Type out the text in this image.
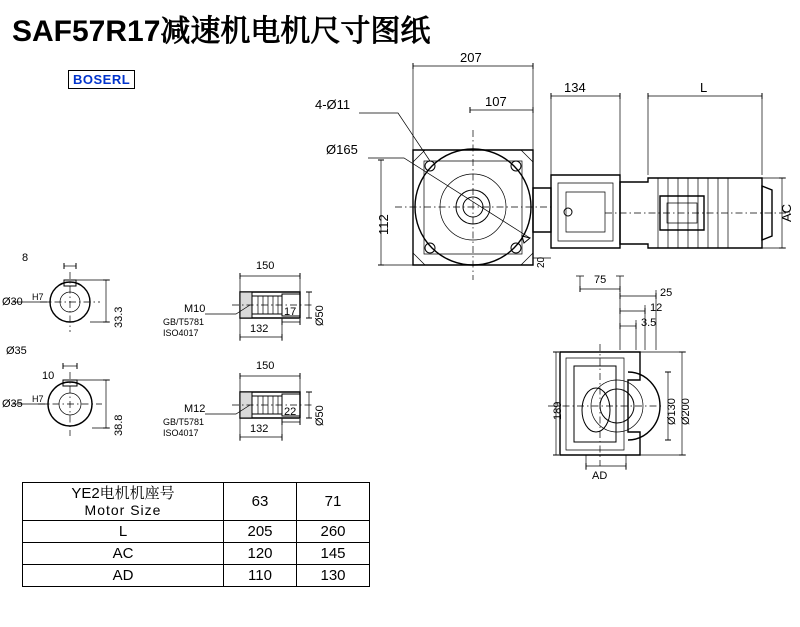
SAF57R17减速机电机尺寸图纸
BOSERL
207
107
4-Ø11
Ø165
112
20
134	L
AC
8
Ø30 H7
33.3
Ø35
10
Ø35 H7
38.8
150
M10
GB/T5781
ISO4017
17
132
Ø50
150
M12
GB/T5781
ISO4017
22
132
Ø50
75
25
12
3.5
189	Ø130 Ø200
AD
YE2电机机座号
Motor Size	63	71
L	205	260
AC	120	145
AD	110	130
